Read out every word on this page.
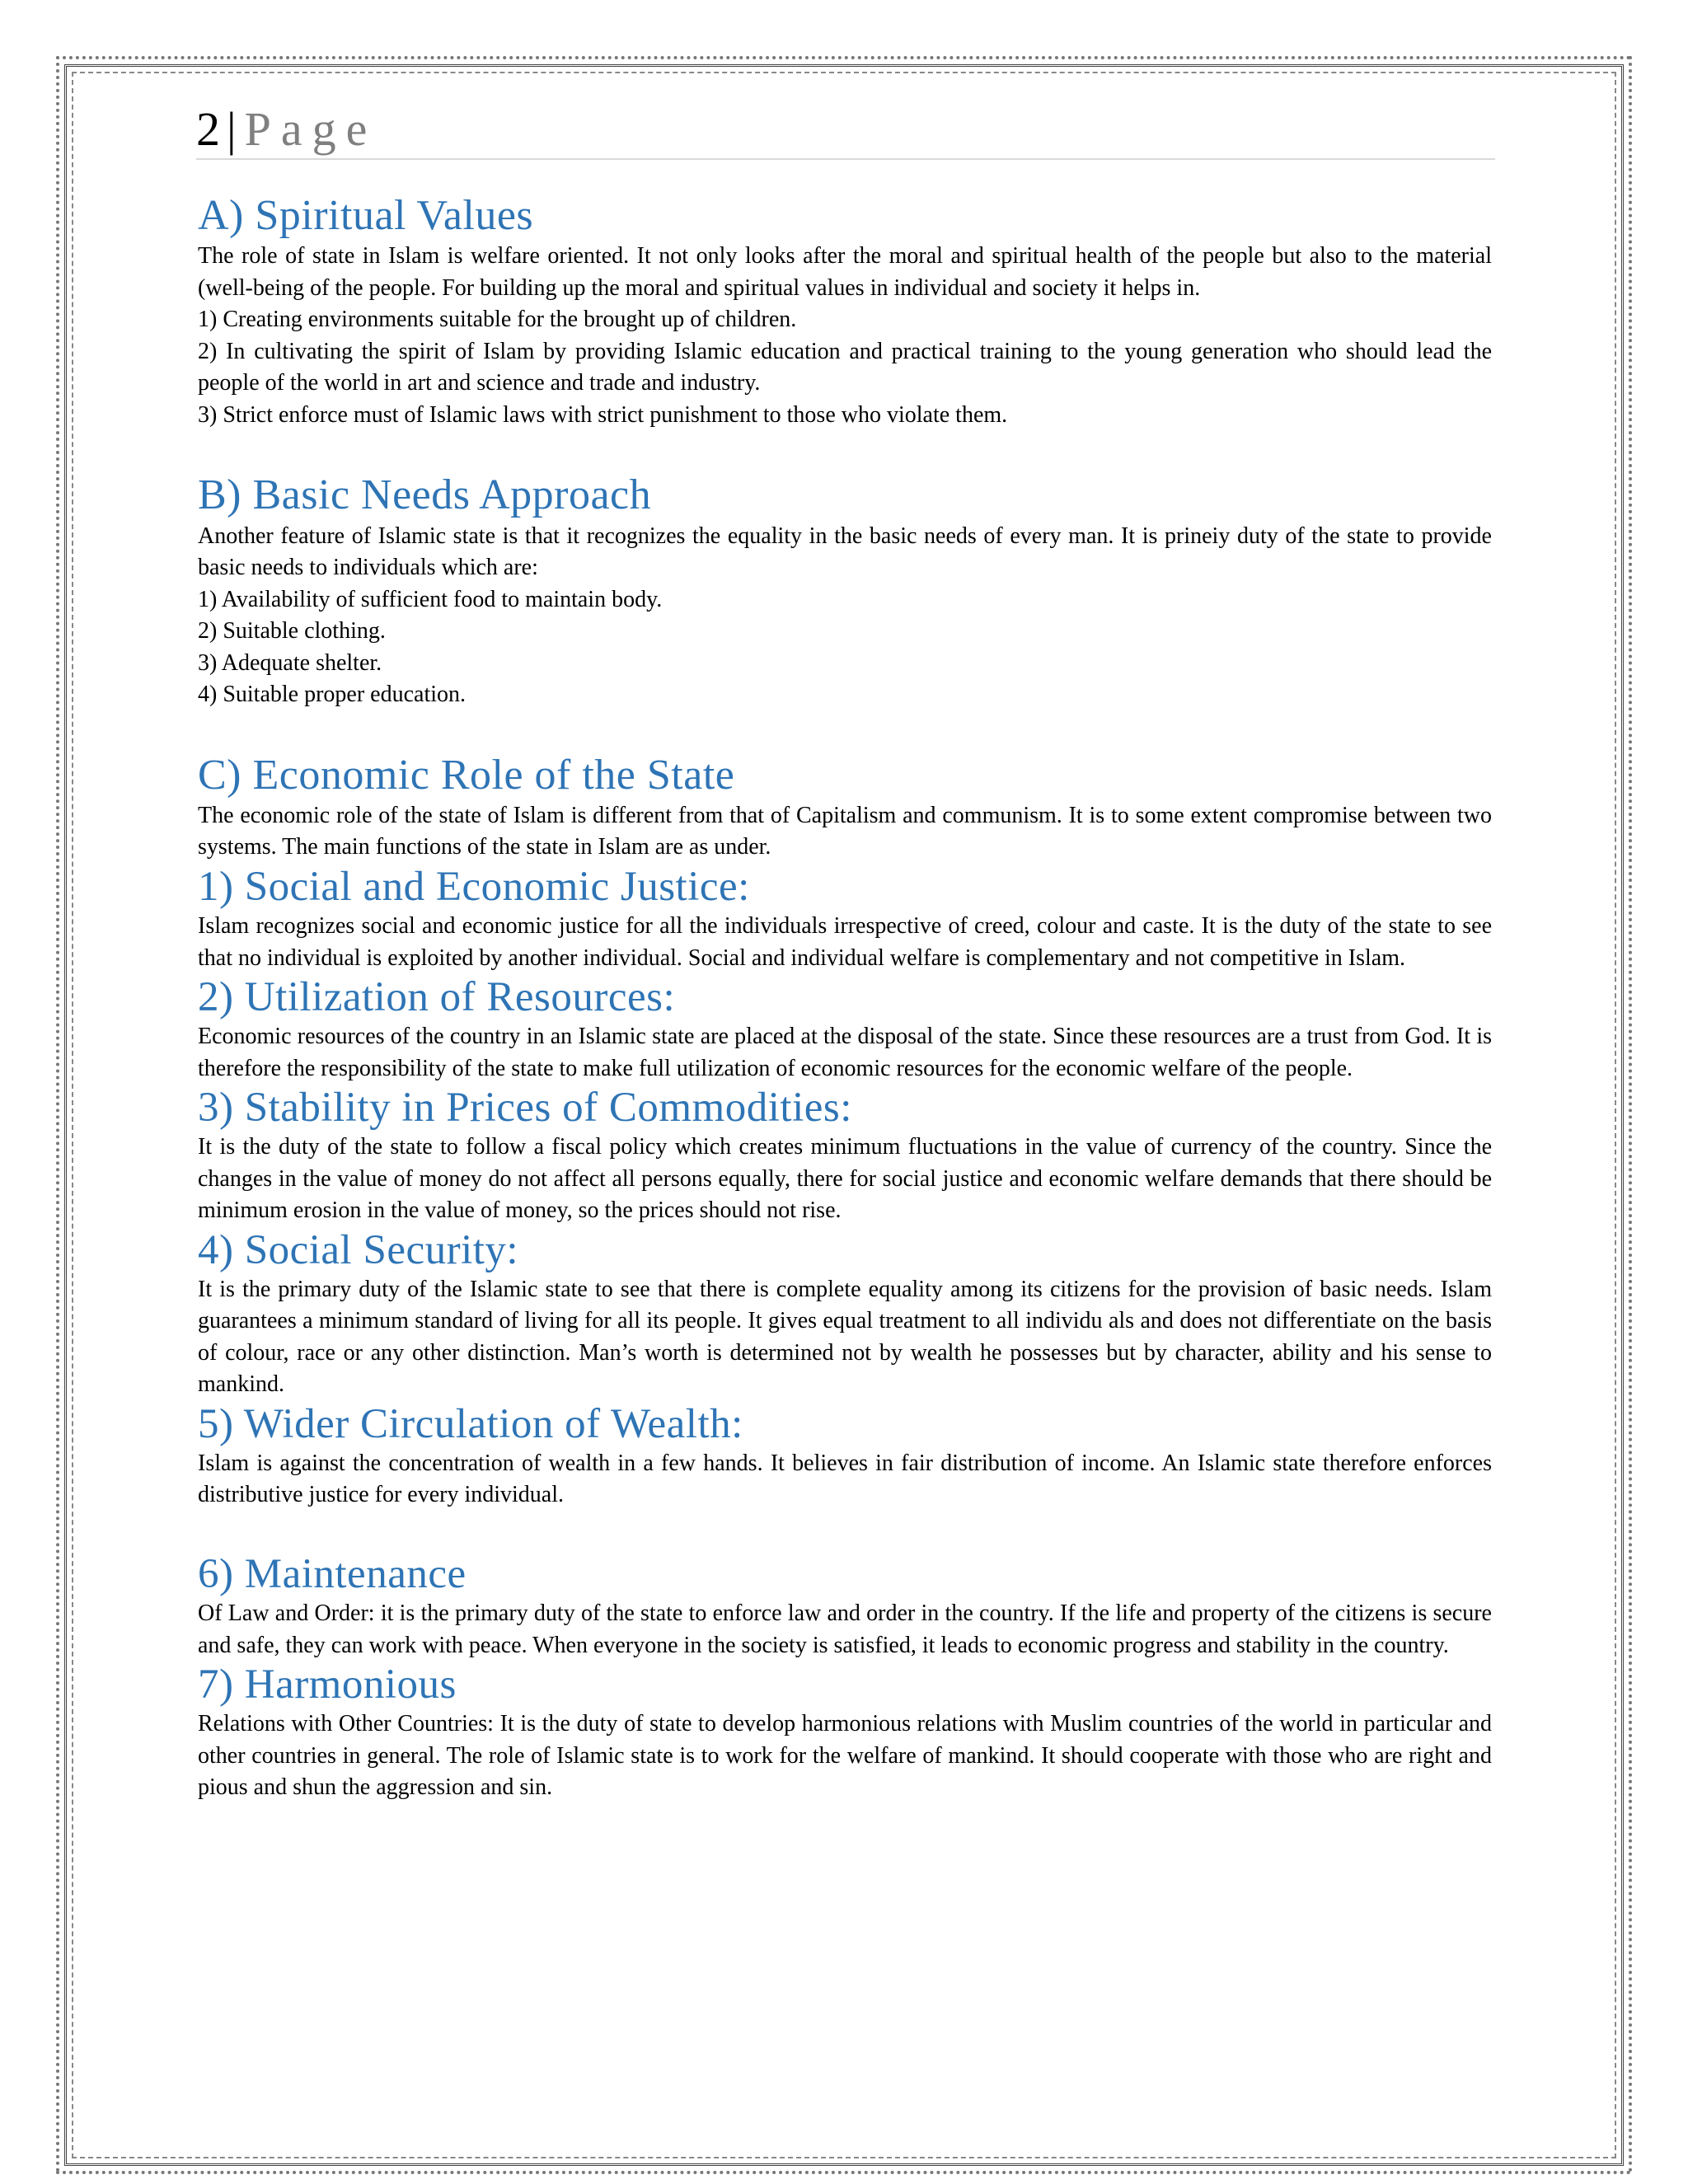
2 | Page
A) Spiritual Values

The role of state in Islam is welfare oriented. It not only looks after the moral and spiritual health of the people but also to the material (well-being of the people. For building up the moral and spiritual values in individual and society it helps in.

1) Creating environments suitable for the brought up of children.

2) In cultivating the spirit of Islam by providing Islamic education and practical training to the young generation who should lead the people of the world in art and science and trade and industry.

3) Strict enforce must of Islamic laws with strict punishment to those who violate them.

B) Basic Needs Approach

Another feature of Islamic state is that it recognizes the equality in the basic needs of every man. It is prineiy duty of the state to provide basic needs to individuals which are:

1) Availability of sufficient food to maintain body.

2) Suitable clothing.

3) Adequate shelter.

4) Suitable proper education.

C) Economic Role of the State

The economic role of the state of Islam is different from that of Capitalism and communism. It is to some extent compromise between two systems. The main functions of the state in Islam are as under.

1) Social and Economic Justice:

Islam recognizes social and economic justice for all the individuals irrespective of creed, colour and caste. It is the duty of the state to see that no individual is exploited by another individual. Social and individual welfare is complementary and not competitive in Islam.

2) Utilization of Resources:

Economic resources of the country in an Islamic state are placed at the disposal of the state. Since these resources are a trust from God. It is therefore the responsibility of the state to make full utilization of economic resources for the economic welfare of the people.

3) Stability in Prices of Commodities:

It is the duty of the state to follow a fiscal policy which creates minimum fluctuations in the value of currency of the country. Since the changes in the value of money do not affect all persons equally, there for social justice and economic welfare demands that there should be minimum erosion in the value of money, so the prices should not rise.

4) Social Security:

It is the primary duty of the Islamic state to see that there is complete equality among its citizens for the provision of basic needs. Islam guarantees a minimum standard of living for all its people. It gives equal treatment to all individu als and does not differentiate on the basis of colour, race or any other distinction. Man’s worth is determined not by wealth he possesses but by character, ability and his sense to mankind.

5) Wider Circulation of Wealth:

Islam is against the concentration of wealth in a few hands. It believes in fair distribution of income. An Islamic state therefore enforces distributive justice for every individual.

6) Maintenance

Of Law and Order: it is the primary duty of the state to enforce law and order in the country. If the life and property of the citizens is secure and safe, they can work with peace. When everyone in the society is satisfied, it leads to economic progress and stability in the country.

7) Harmonious

Relations with Other Countries: It is the duty of state to develop harmonious relations with Muslim countries of the world in particular and other countries in general. The role of Islamic state is to work for the welfare of mankind. It should cooperate with those who are right and pious and shun the aggression and sin.
